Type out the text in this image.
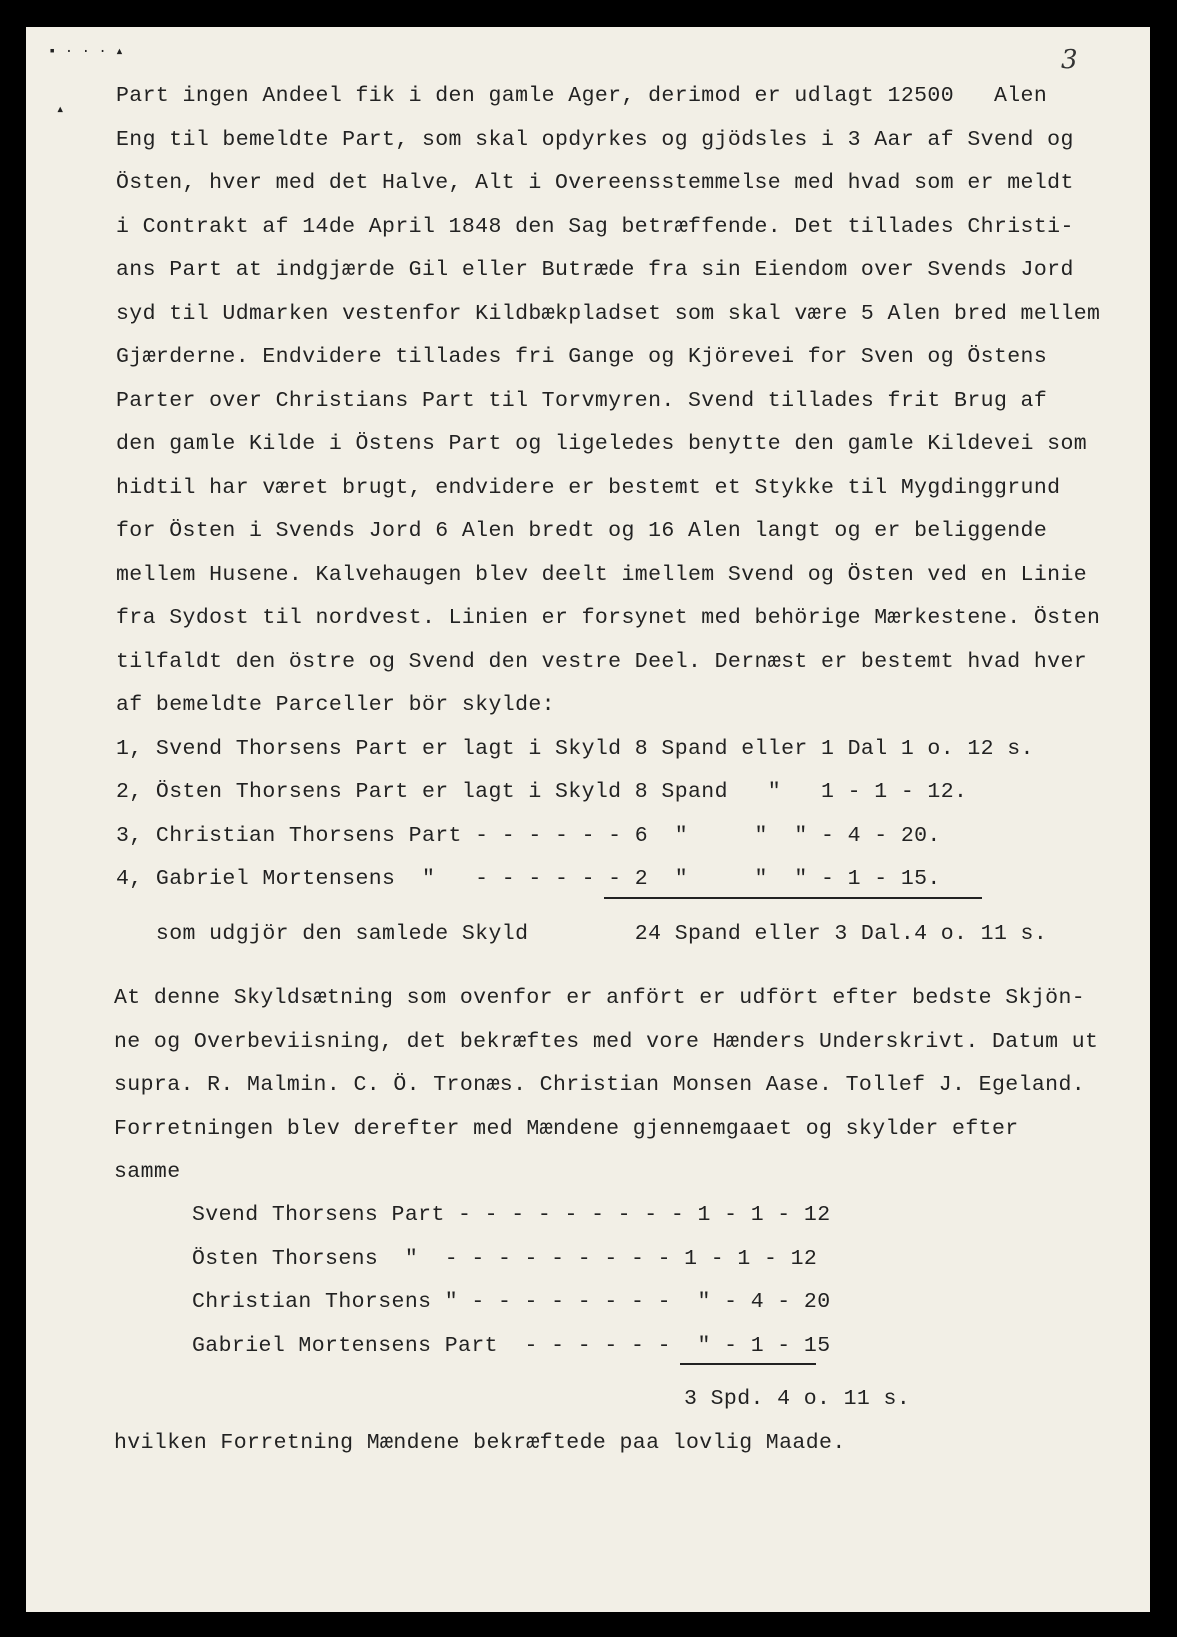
▪ · · · ▴
▴
3
Part ingen Andeel fik i den gamle Ager, derimod er udlagt 12500   Alen
Eng til bemeldte Part, som skal opdyrkes og gjödsles i 3 Aar af Svend og
Östen, hver med det Halve, Alt i Overeensstemmelse med hvad som er meldt
i Contrakt af 14de April 1848 den Sag betræffende. Det tillades Christi-
ans Part at indgjærde Gil eller Butræde fra sin Eiendom over Svends Jord
syd til Udmarken vestenfor Kildbækpladset som skal være 5 Alen bred mellem
Gjærderne. Endvidere tillades fri Gange og Kjörevei for Sven og Östens
Parter over Christians Part til Torvmyren. Svend tillades frit Brug af
den gamle Kilde i Östens Part og ligeledes benytte den gamle Kildevei som
hidtil har været brugt, endvidere er bestemt et Stykke til Mygdinggrund
for Östen i Svends Jord 6 Alen bredt og 16 Alen langt og er beliggende
mellem Husene. Kalvehaugen blev deelt imellem Svend og Östen ved en Linie
fra Sydost til nordvest. Linien er forsynet med behörige Mærkestene. Östen
tilfaldt den östre og Svend den vestre Deel. Dernæst er bestemt hvad hver
af bemeldte Parceller bör skylde:
1, Svend Thorsens Part er lagt i Skyld 8 Spand eller 1 Dal 1 o. 12 s.
2, Östen Thorsens Part er lagt i Skyld 8 Spand   "   1 - 1 - 12.
3, Christian Thorsens Part - - - - - - 6  "     "  " - 4 - 20.
4, Gabriel Mortensens  "   - - - - - - 2  "     "  " - 1 - 15.
som udgjör den samlede Skyld        24 Spand eller 3 Dal.4 o. 11 s.
At denne Skyldsætning som ovenfor er anfört er udfört efter bedste Skjön-
ne og Overbeviisning, det bekræftes med vore Hænders Underskrivt. Datum ut
supra. R. Malmin. C. Ö. Tronæs. Christian Monsen Aase. Tollef J. Egeland.
Forretningen blev derefter med Mændene gjennemgaaet og skylder efter
samme
Svend Thorsens Part - - - - - - - - - 1 - 1 - 12
Östen Thorsens  "  - - - - - - - - - 1 - 1 - 12
Christian Thorsens " - - - - - - - -  " - 4 - 20
Gabriel Mortensens Part  - - - - - -  " - 1 - 15
3 Spd. 4 o. 11 s.
hvilken Forretning Mændene bekræftede paa lovlig Maade.
